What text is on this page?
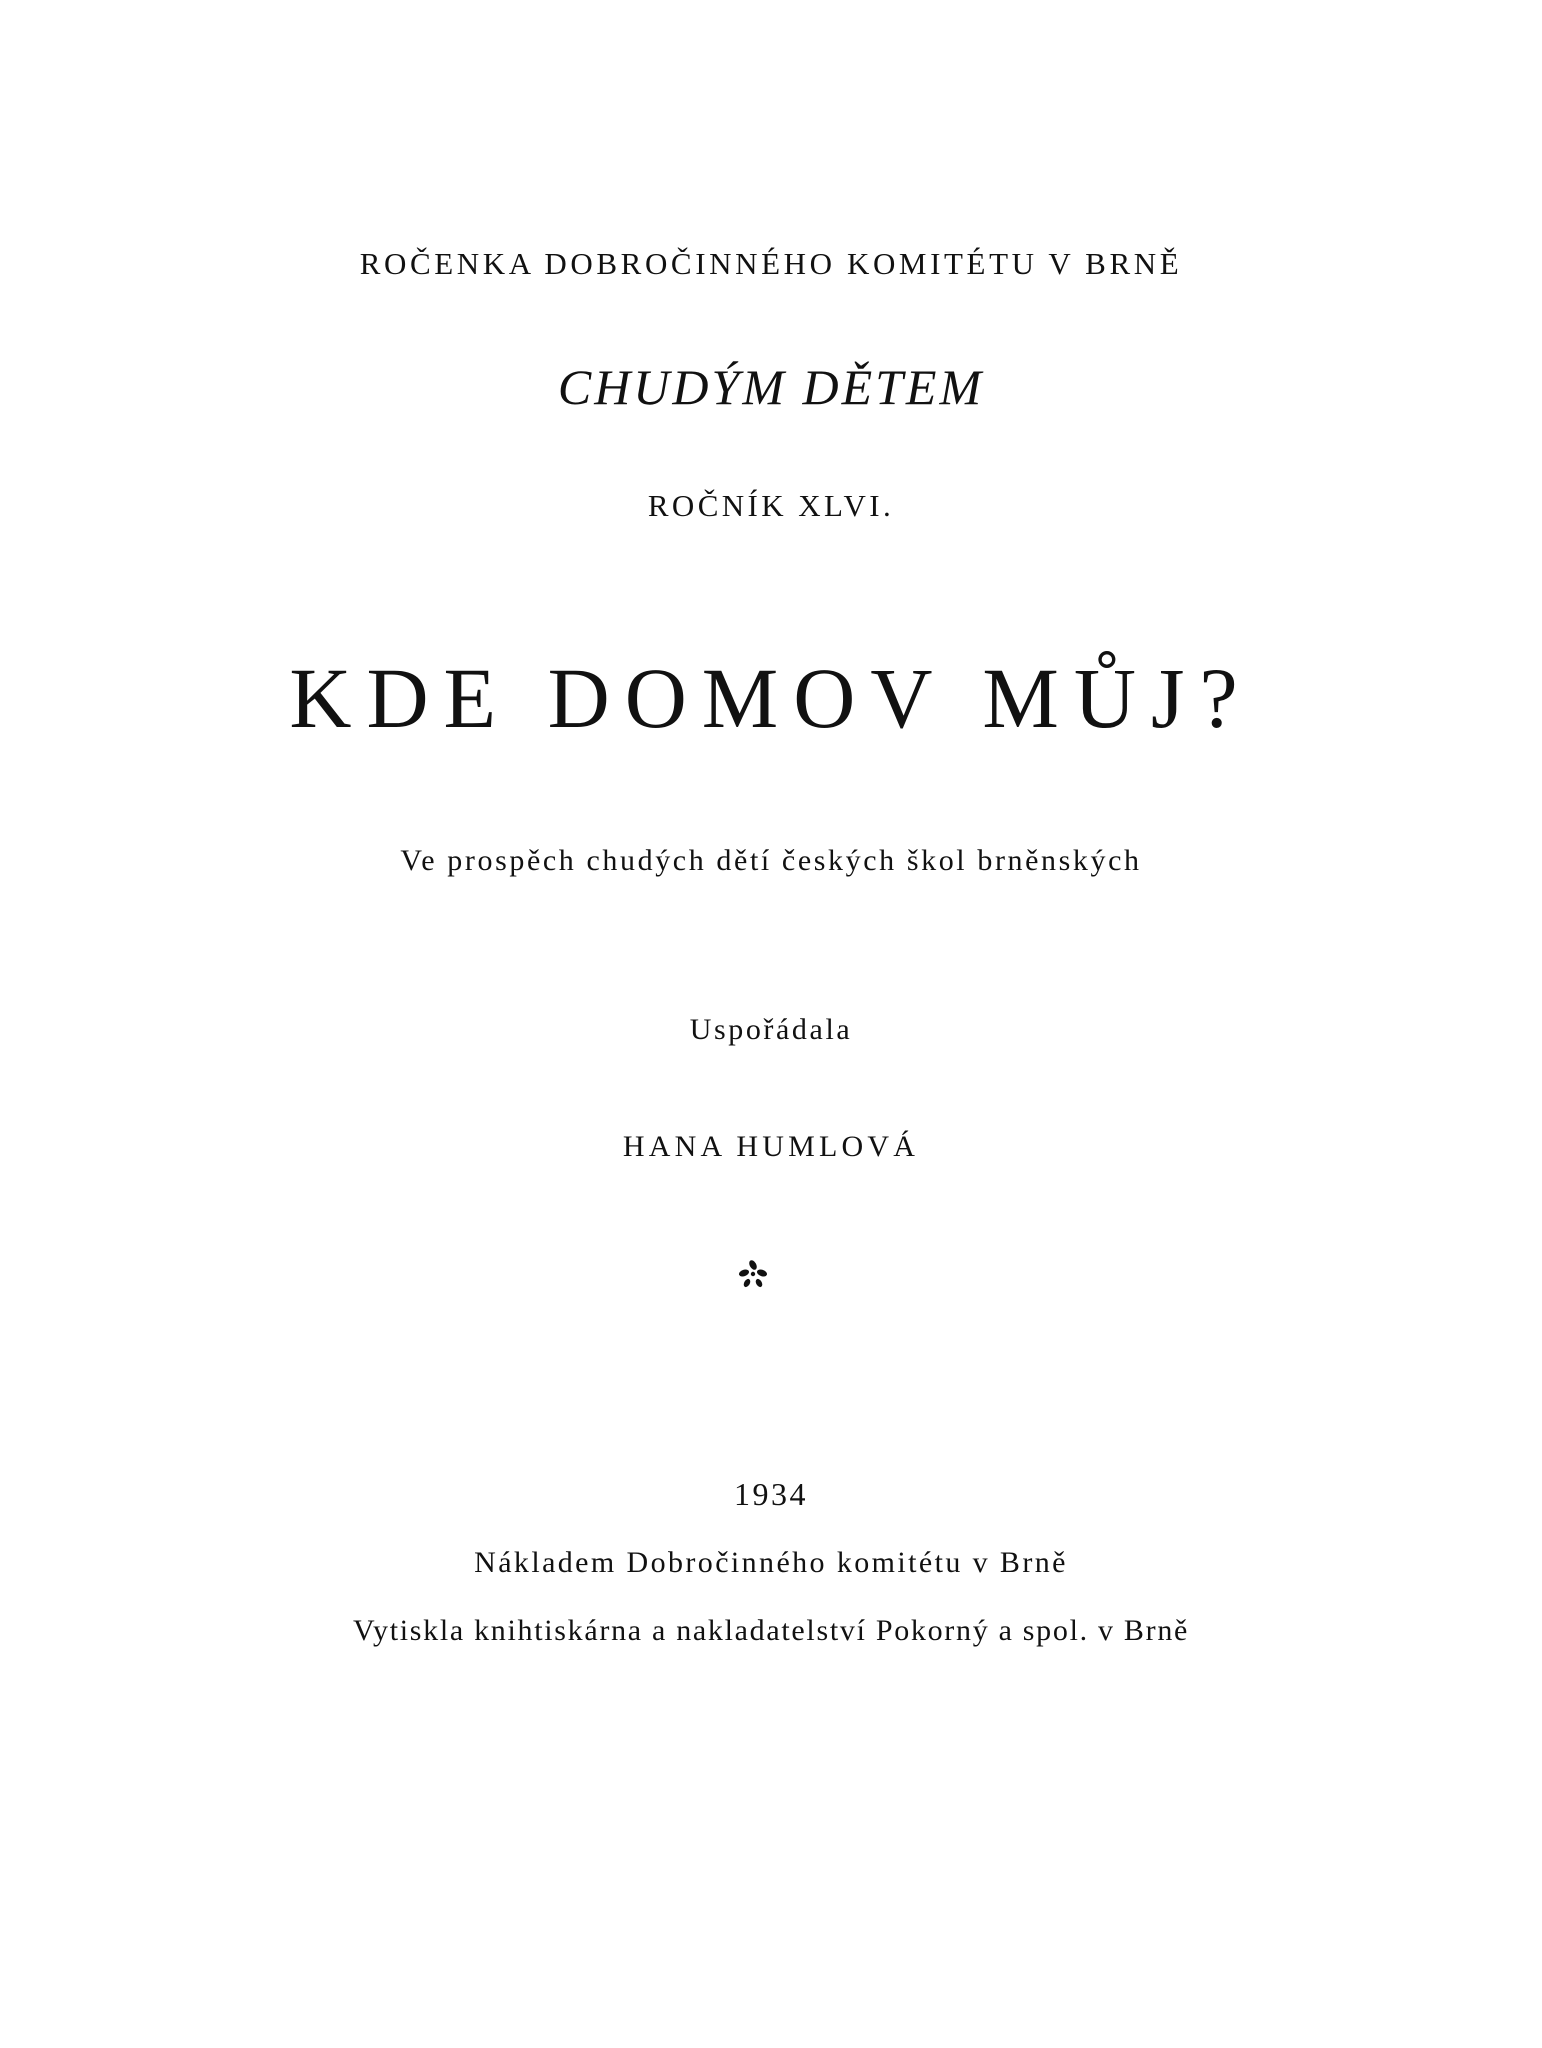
ROČENKA DOBROČINNÉHO KOMITÉTU V BRNĚ
CHUDÝM DĚTEM
ROČNÍK XLVI.
KDE DOMOV MŮJ?
Ve prospěch chudých dětí českých škol brněnských
Uspořádala
HANA HUMLOVÁ
1934
Nákladem Dobročinného komitétu v Brně
Vytiskla knihtiskárna a nakladatelství Pokorný a spol. v Brně
